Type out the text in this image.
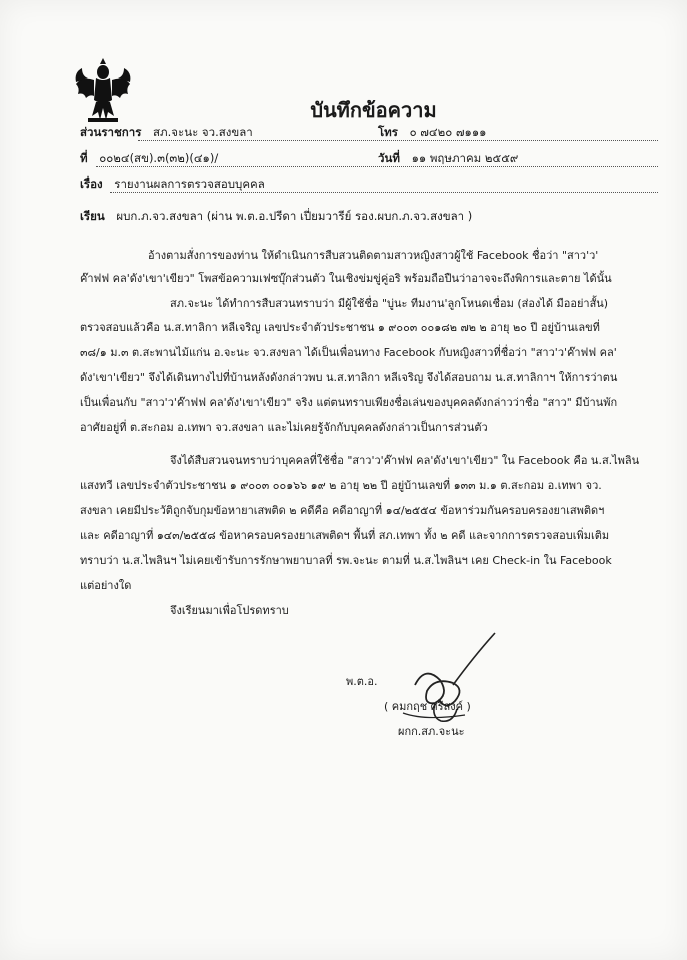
บันทึกข้อความ
ส่วนราชการ สภ.จะนะ จว.สงขลา	โทร ๐ ๗๔๒๐ ๗๑๑๑
ที่ ๐๐๒๔(สข).๓(๓๒)(๔๑)/	วันที่ ๑๑ พฤษภาคม ๒๕๕๙
เรื่อง รายงานผลการตรวจสอบบุคคล
เรียน ผบก.ภ.จว.สงขลา (ผ่าน พ.ต.อ.ปรีดา เปี่ยมวารีย์ รอง.ผบก.ภ.จว.สงขลา )
อ้างตามสั่งการของท่าน ให้ดำเนินการสืบสวนติดตามสาวหญิงสาวผู้ใช้ Facebook ชื่อว่า "สาว'ว'
ค๊าฟฟ คล'ดัง'เขา'เขียว" โพสข้อความเฟซบุ๊กส่วนตัว ในเชิงข่มขู่คู่อริ พร้อมถือปืนว่าอาจจะถึงพิการและตาย ได้นั้น
สภ.จะนะ ได้ทำการสืบสวนทราบว่า มีผู้ใช้ชื่อ "บู่นะ ทีมงาน'ลูกโหนดเชื่อม (ส่องได้ มืออย่าสั้น)
ตรวจสอบแล้วคือ น.ส.ทาลิกา หลีเจริญ เลขประจำตัวประชาชน ๑ ๙๐๐๓ ๐๐๑๘๒ ๗๒ ๒ อายุ ๒๐ ปี อยู่บ้านเลขที่
๓๘/๑ ม.๓ ต.สะพานไม้แก่น อ.จะนะ จว.สงขลา ได้เป็นเพื่อนทาง Facebook กับหญิงสาวที่ชื่อว่า "สาว'ว'ค๊าฟฟ คล'
ดัง'เขา'เขียว" จึงได้เดินทางไปที่บ้านหลังดังกล่าวพบ น.ส.ทาลิกา หลีเจริญ จึงได้สอบถาม น.ส.ทาลิกาฯ ให้การว่าตน
เป็นเพื่อนกับ "สาว'ว'ค๊าฟฟ คล'ดัง'เขา'เขียว" จริง แต่ตนทราบเพียงชื่อเล่นของบุคคลดังกล่าวว่าชื่อ "สาว" มีบ้านพัก
อาศัยอยู่ที่ ต.สะกอม อ.เทพา จว.สงขลา และไม่เคยรู้จักกับบุคคลดังกล่าวเป็นการส่วนตัว
จึงได้สืบสวนจนทราบว่าบุคคลที่ใช้ชื่อ "สาว'ว'ค๊าฟฟ คล'ดัง'เขา'เขียว" ใน Facebook คือ น.ส.ไพลิน
แสงทวี เลขประจำตัวประชาชน ๑ ๙๐๐๓ ๐๐๑๖๖ ๑๙ ๒ อายุ ๒๒ ปี อยู่บ้านเลขที่ ๑๓๓ ม.๑ ต.สะกอม อ.เทพา จว.
สงขลา เคยมีประวัติถูกจับกุมข้อหายาเสพติด ๒ คดีคือ คดีอาญาที่ ๑๔/๒๕๕๔ ข้อหาร่วมกันครอบครองยาเสพติดฯ
และ คดีอาญาที่ ๑๔๓/๒๕๕๘ ข้อหาครอบครองยาเสพติดฯ พื้นที่ สภ.เทพา ทั้ง ๒ คดี และจากการตรวจสอบเพิ่มเติม
ทราบว่า น.ส.ไพลินฯ ไม่เคยเข้ารับการรักษาพยาบาลที่ รพ.จะนะ ตามที่ น.ส.ไพลินฯ เคย Check-in ใน Facebook
แต่อย่างใด
จึงเรียนมาเพื่อโปรดทราบ
พ.ต.อ.
( คมกฤช ศรีสงค์ )
ผกก.สภ.จะนะ
